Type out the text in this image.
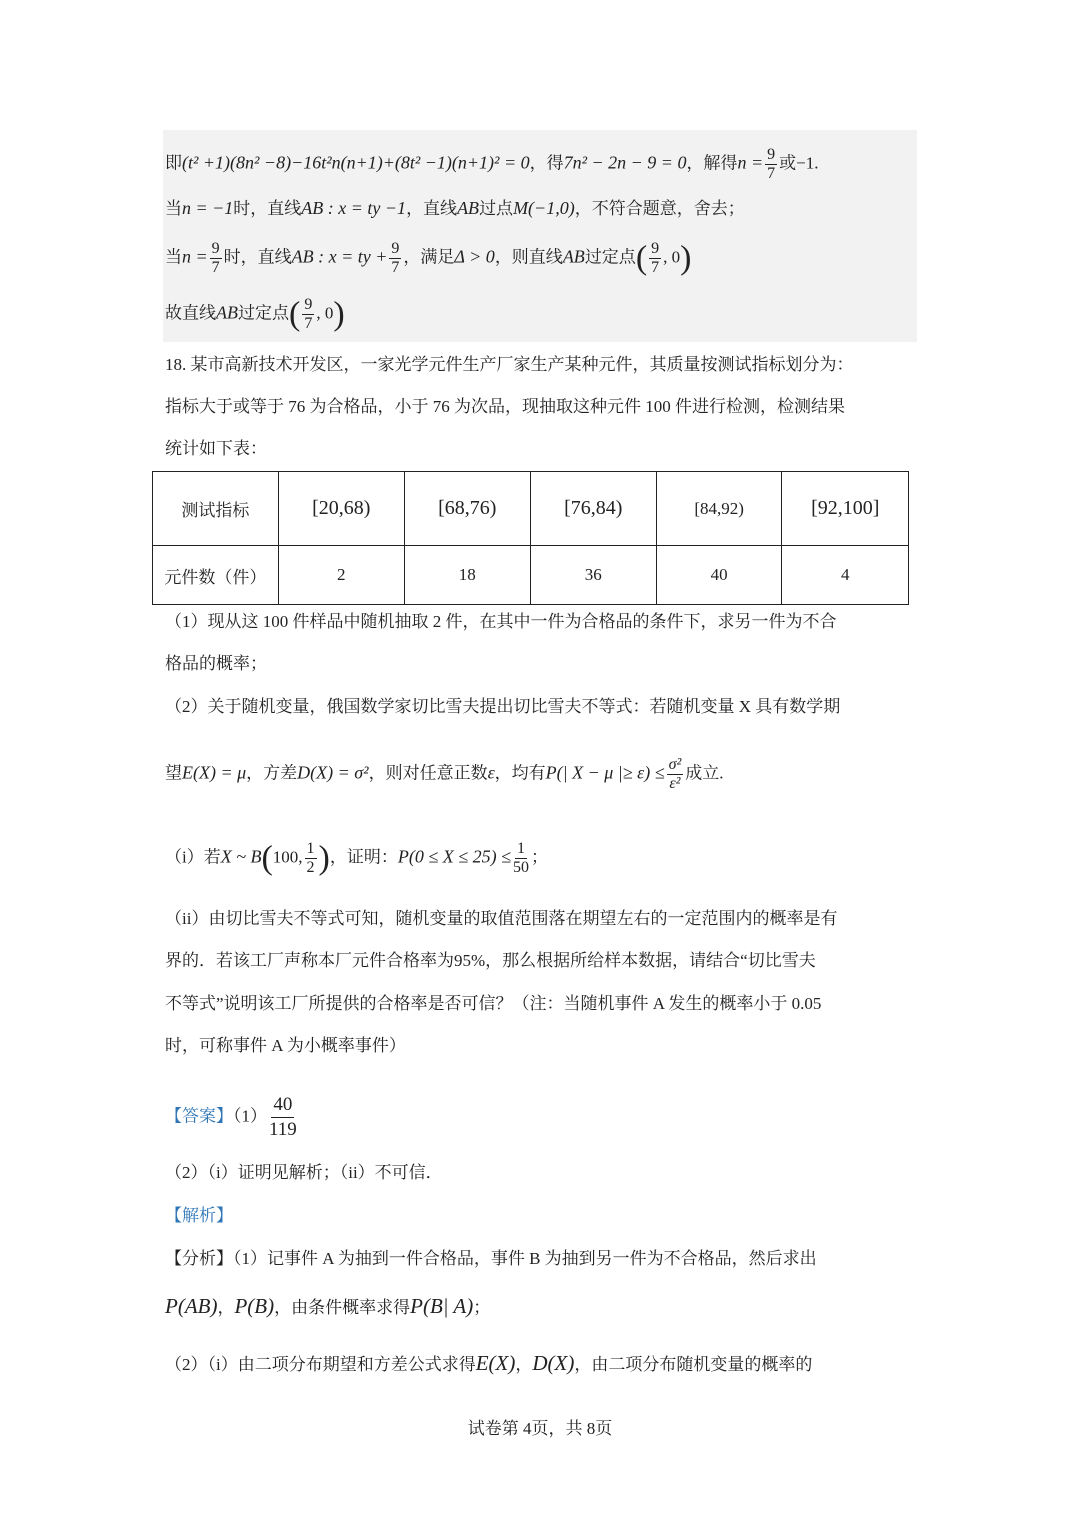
即(t² +1)(8n² −8)−16t²n(n+1)+(8t² −1)(n+1)² = 0，得7n² − 2n − 9 = 0，解得$n = \frac{9}{7}$ 或−1.
当n = −1时，直线AB : x = ty −1，直线AB过点M(−1,0)，不符合题意，舍去；
当$n = \frac{9}{7}$ 时，直线AB : x = ty + $\frac{9}{7}$ ，满足Δ > 0，则直线AB过定点( $\frac{9}{7}$ , 0)
故直线AB过定点( $\frac{9}{7}$ , 0)
18. 某市高新技术开发区，一家光学元件生产厂家生产某种元件，其质量按测试指标划分为：
指标大于或等于 76 为合格品，小于 76 为次品，现抽取这种元件 100 件进行检测，检测结果
统计如下表：
测试指标	[20,68)	[68,76)	[76,84)	[84,92)	[92,100]
元件数（件）	2	18	36	40	4
（1）现从这 100 件样品中随机抽取 2 件，在其中一件为合格品的条件下，求另一件为不合
格品的概率；
（2）关于随机变量，俄国数学家切比雪夫提出切比雪夫不等式：若随机变量 X 具有数学期
望E(X) = μ，方差D(X) = σ²，则对任意正数ε，均有P(| X − μ |≥ $\varepsilon) \le \frac{\text{σ²}}{\text{ε²}}$ 成立.
（i）若X ~ B(100, $\frac{1}{2}$ )，证明：$P(0 \le X \le 25) \le \frac{1}{50}$ ；
（ii）由切比雪夫不等式可知，随机变量的取值范围落在期望左右的一定范围内的概率是有
界的．若该工厂声称本厂元件合格率为95%，那么根据所给样本数据，请结合“切比雪夫
不等式”说明该工厂所提供的合格率是否可信？（注：当随机事件 A 发生的概率小于 0.05
时，可称事件 A 为小概率事件）
【答案】$(1) \frac{40}{119}$
（2）（i）证明见解析；（ii）不可信．
【解析】
【分析】（1）记事件 A 为抽到一件合格品，事件 B 为抽到另一件为不合格品，然后求出
P(AB)，P(B)，由条件概率求得P(B| A)；
（2）（i）由二项分布期望和方差公式求得E(X)，D(X)，由二项分布随机变量的概率的
试卷第 4页，共 8页
